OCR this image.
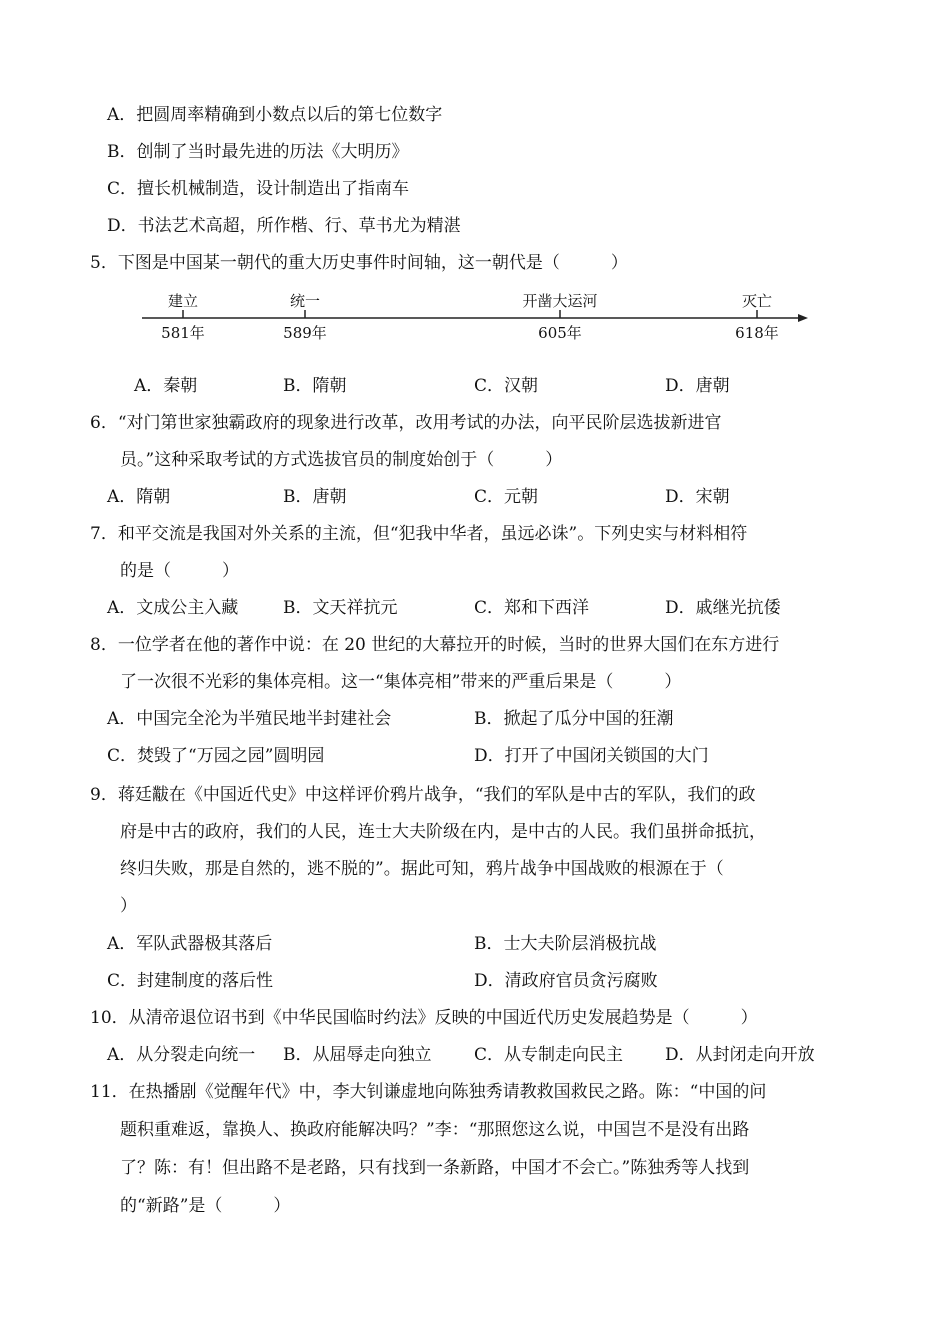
A．把圆周率精确到小数点以后的第七位数字
B．创制了当时最先进的历法《大明历》
C．擅长机械制造，设计制造出了指南车
D．书法艺术高超，所作楷、行、草书尤为精湛
5．下图是中国某一朝代的重大历史事件时间轴，这一朝代是（　　　）
建立
581年
统一
589年
开凿大运河
605年
灭亡
618年
A．秦朝	B．隋朝	C．汉朝	D．唐朝
6．“对门第世家独霸政府的现象进行改革，改用考试的办法，向平民阶层选拔新进官
员。”这种采取考试的方式选拔官员的制度始创于（　　　）
A．隋朝	B．唐朝	C．元朝	D．宋朝
7．和平交流是我国对外关系的主流，但“犯我中华者，虽远必诛”。下列史实与材料相符
的是（　　　）
A．文成公主入藏	B．文天祥抗元	C．郑和下西洋	D．戚继光抗倭
8．一位学者在他的著作中说：在 20 世纪的大幕拉开的时候，当时的世界大国们在东方进行
了一次很不光彩的集体亮相。这一“集体亮相”带来的严重后果是（　　　）
A．中国完全沦为半殖民地半封建社会	B．掀起了瓜分中国的狂潮
C．焚毁了“万园之园”圆明园	D．打开了中国闭关锁国的大门
9．蒋廷黻在《中国近代史》中这样评价鸦片战争，“我们的军队是中古的军队，我们的政
府是中古的政府，我们的人民，连士大夫阶级在内，是中古的人民。我们虽拼命抵抗，
终归失败，那是自然的，逃不脱的”。据此可知，鸦片战争中国战败的根源在于（
）
A．军队武器极其落后	B．士大夫阶层消极抗战
C．封建制度的落后性	D．清政府官员贪污腐败
10．从清帝退位诏书到《中华民国临时约法》反映的中国近代历史发展趋势是（　　　）
A．从分裂走向统一 B．从屈辱走向独立	C．从专制走向民主 D．从封闭走向开放
11．在热播剧《觉醒年代》中，李大钊谦虚地向陈独秀请教救国救民之路。陈：“中国的问
题积重难返，靠换人、换政府能解决吗？”李：“那照您这么说，中国岂不是没有出路
了？陈：有！但出路不是老路，只有找到一条新路，中国才不会亡。”陈独秀等人找到
的“新路”是（　　　）
